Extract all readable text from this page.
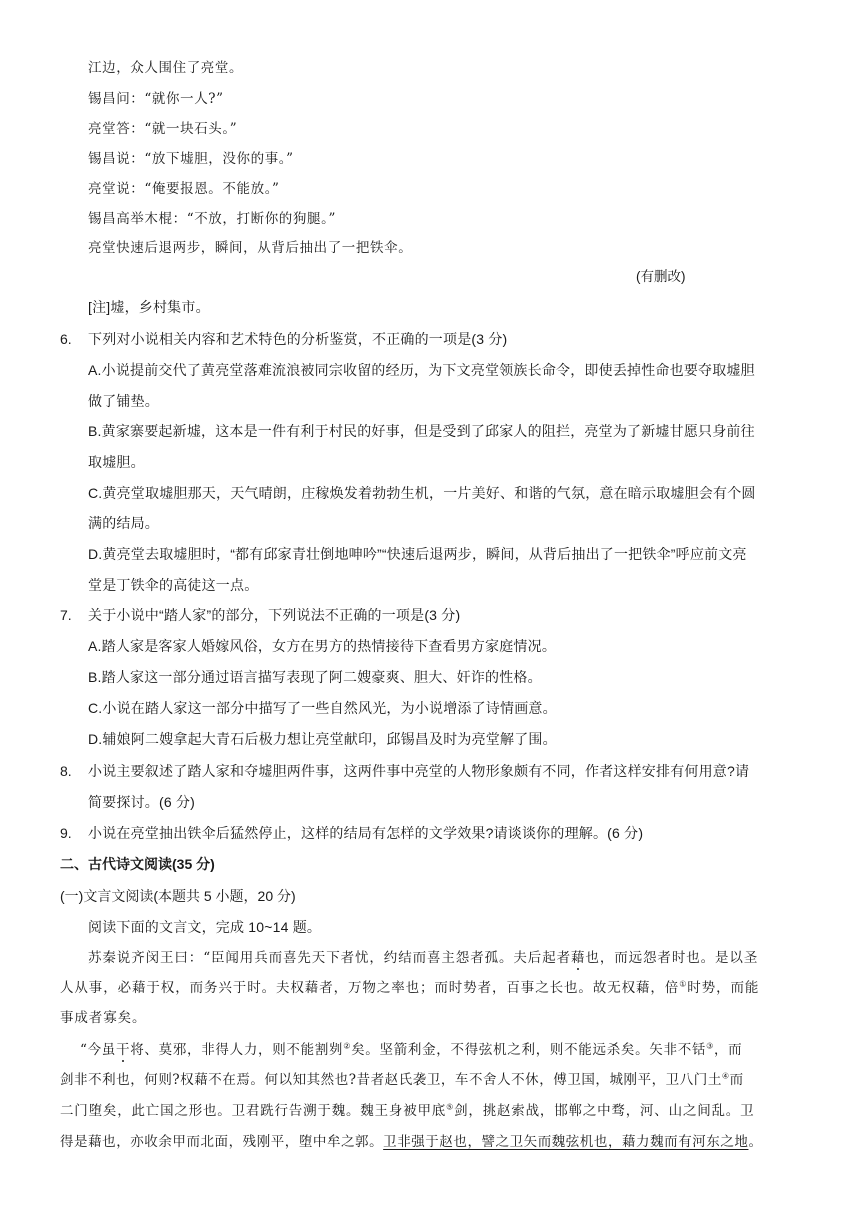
江边，众人围住了亮堂。
锡昌问：“就你一人?”
亮堂答：“就一块石头。”
锡昌说：“放下墟胆，没你的事。”
亮堂说：“俺要报恩。不能放。”
锡昌高举木棍：“不放，打断你的狗腿。”
亮堂快速后退两步，瞬间，从背后抽出了一把铁伞。
(有删改)
[注]墟，乡村集市。
6. 下列对小说相关内容和艺术特色的分析鉴赏，不正确的一项是(3 分)
A.小说提前交代了黄亮堂落难流浪被同宗收留的经历，为下文亮堂领族长命令，即使丢掉性命也要夺取墟胆
做了铺垫。
B.黄家寨要起新墟，这本是一件有利于村民的好事，但是受到了邱家人的阻拦，亮堂为了新墟甘愿只身前往
取墟胆。
C.黄亮堂取墟胆那天，天气晴朗，庄稼焕发着勃勃生机，一片美好、和谐的气氛，意在暗示取墟胆会有个圆
满的结局。
D.黄亮堂去取墟胆时，“都有邱家青壮倒地呻吟”“快速后退两步，瞬间，从背后抽出了一把铁伞”呼应前文亮
堂是丁铁伞的高徒这一点。
7. 关于小说中“踏人家”的部分，下列说法不正确的一项是(3 分)
A.踏人家是客家人婚嫁风俗，女方在男方的热情接待下查看男方家庭情况。
B.踏人家这一部分通过语言描写表现了阿二嫂豪爽、胆大、奸诈的性格。
C.小说在踏人家这一部分中描写了一些自然风光，为小说增添了诗情画意。
D.辅娘阿二嫂拿起大青石后极力想让亮堂献印，邱锡昌及时为亮堂解了围。
8. 小说主要叙述了踏人家和夺墟胆两件事，这两件事中亮堂的人物形象颇有不同，作者这样安排有何用意?请
简要探讨。(6 分)
9. 小说在亮堂抽出铁伞后猛然停止，这样的结局有怎样的文学效果?请谈谈你的理解。(6 分)
二、古代诗文阅读(35 分)
(一)文言文阅读(本题共 5 小题，20 分)
阅读下面的文言文，完成 10~14 题。
苏秦说齐闵王曰：“臣闻用兵而喜先天下者忧，约结而喜主怨者孤。夫后起者藉也，而远怨者时也。是以圣
人从事，必藉于权，而务兴于时。夫权藉者，万物之率也；而时势者，百事之长也。故无权藉，倍①时势，而能
事成者寡矣。
“今虽干将、莫邪，非得人力，则不能割刿②矣。坚箭利金，不得弦机之利，则不能远杀矣。矢非不铦③，而
剑非不利也，何则?权藉不在焉。何以知其然也?昔者赵氏袭卫，车不舍人不休，傅卫国，城刚平，卫八门土④而
二门堕矣，此亡国之形也。卫君跣行告溯于魏。魏王身被甲底⑤剑，挑赵索战，邯郸之中骛，河、山之间乱。卫
得是藉也，亦收余甲而北面，残刚平，堕中牟之郭。卫非强于赵也，譬之卫矢而魏弦机也，藉力魏而有河东之地。
